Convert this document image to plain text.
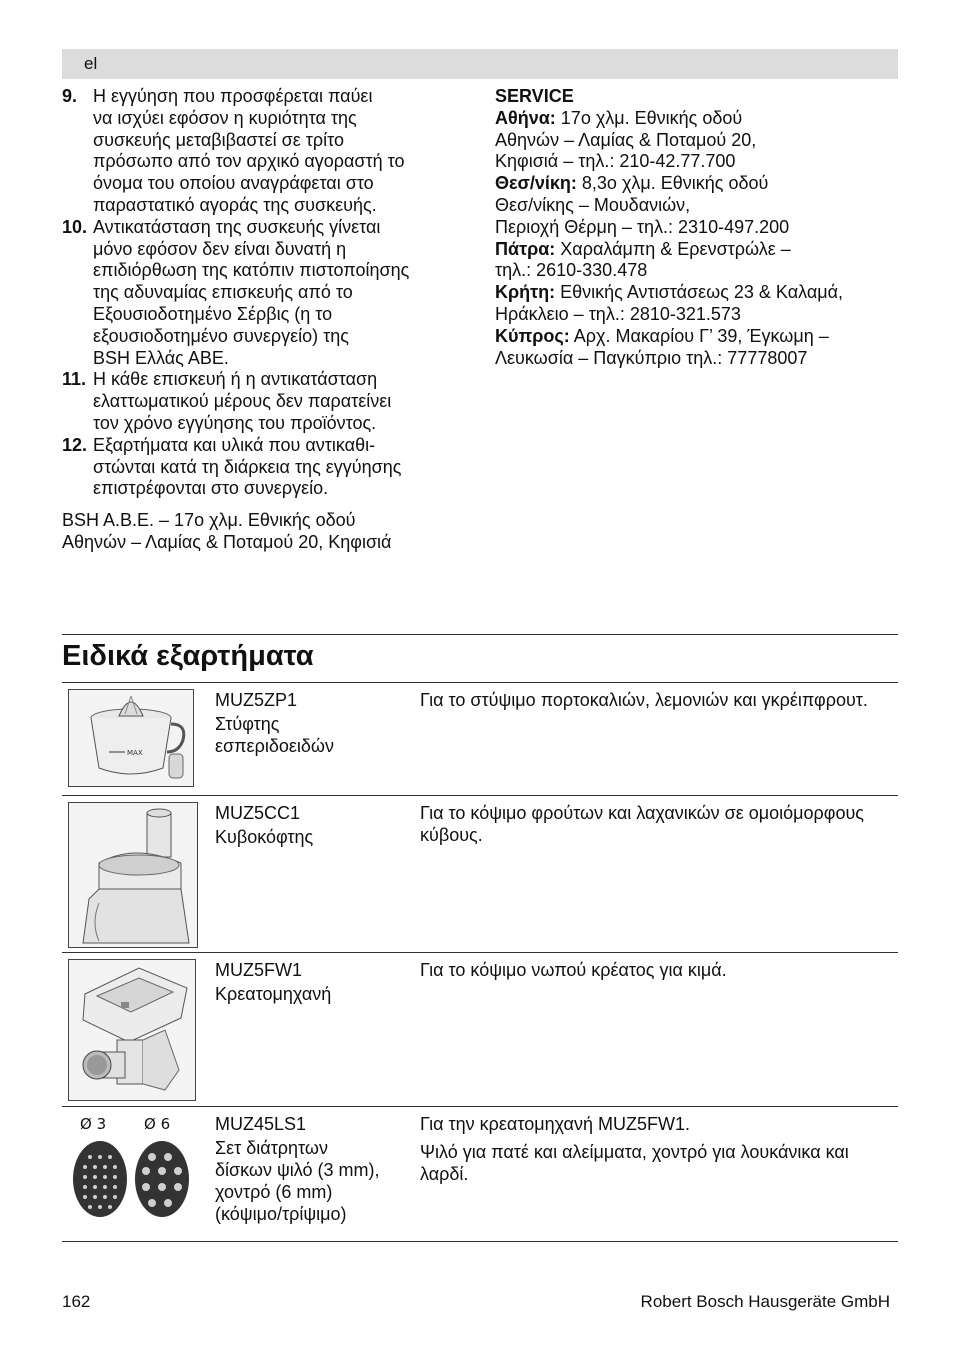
el
9. Η εγγύηση που προσφέρεται παύει
να ισχύει εφόσον η κυριότητα της
συσκευής μεταβιβαστεί σε τρίτο
πρόσωπο από τον αρχικό αγοραστή το
όνομα του οποίου αναγράφεται στο
παραστατικό αγοράς της συσκευής.
10. Αντικατάσταση της συσκευής γίνεται
μόνο εφόσον δεν είναι δυνατή η
επιδιόρθωση της κατόπιν πιστοποίησης
της αδυναμίας επισκευής από το
Εξουσιοδοτημένο Σέρβις (η το
εξουσιοδοτημένο συνεργείο) της
BSH Ελλάς ΑΒΕ.
11. Η κάθε επισκευή ή η αντικατάσταση
ελαττωματικού μέρους δεν παρατείνει
τον χρόνο εγγύησης του προϊόντος.
12. Εξαρτήματα και υλικά που αντικαθι-
στώνται κατά τη διάρκεια της εγγύησης
επιστρέφονται στο συνεργείο.
BSH A.B.E. – 17ο χλμ. Εθνικής οδού
Αθηνών – Λαμίας & Ποταμού 20, Κηφισιά
SERVICE
Αθήνα: 17ο χλμ. Εθνικής οδού
Αθηνών – Λαμίας & Ποταμού 20,
Κηφισιά – τηλ.: 210-42.77.700
Θεσ/νίκη: 8,3ο χλμ. Εθνικής οδού
Θεσ/νίκης – Μουδανιών,
Περιοχή Θέρμη – τηλ.: 2310-497.200
Πάτρα: Χαραλάμπη & Ερενστρώλε –
τηλ.: 2610-330.478
Κρήτη: Εθνικής Αντιστάσεως 23 & Καλαμά,
Ηράκλειο – τηλ.: 2810-321.573
Κύπρος: Αρχ. Μακαρίου Γ’ 39, Έγκωμη –
Λευκωσία – Παγκύπριο τηλ.: 77778007
Ειδικά εξαρτήματα
MAX
MUZ5ZP1
Στύφτης
εσπεριδοειδών

Για το στύψιμο πορτοκαλιών, λεμονιών και γκρέιπφρουτ.

MUZ5CC1
Κυβοκόφτης

Για το κόψιμο φρούτων και λαχανικών σε ομοιόμορφους κύβους.

MUZ5FW1
Κρεατομηχανή

Για το κόψιμο νωπού κρέατος για κιμά.

Ø 3	Ø 6 MUZ45LS1
Σετ διάτρητων
δίσκων ψιλό (3 mm),
χοντρό (6 mm)
(κόψιμο/τρίψιμο)

Για την κρεατομηχανή MUZ5FW1.

Ψιλό για πατέ και αλείμματα, χοντρό για λουκάνικα και λαρδί.

162	Robert Bosch Hausgeräte GmbH
